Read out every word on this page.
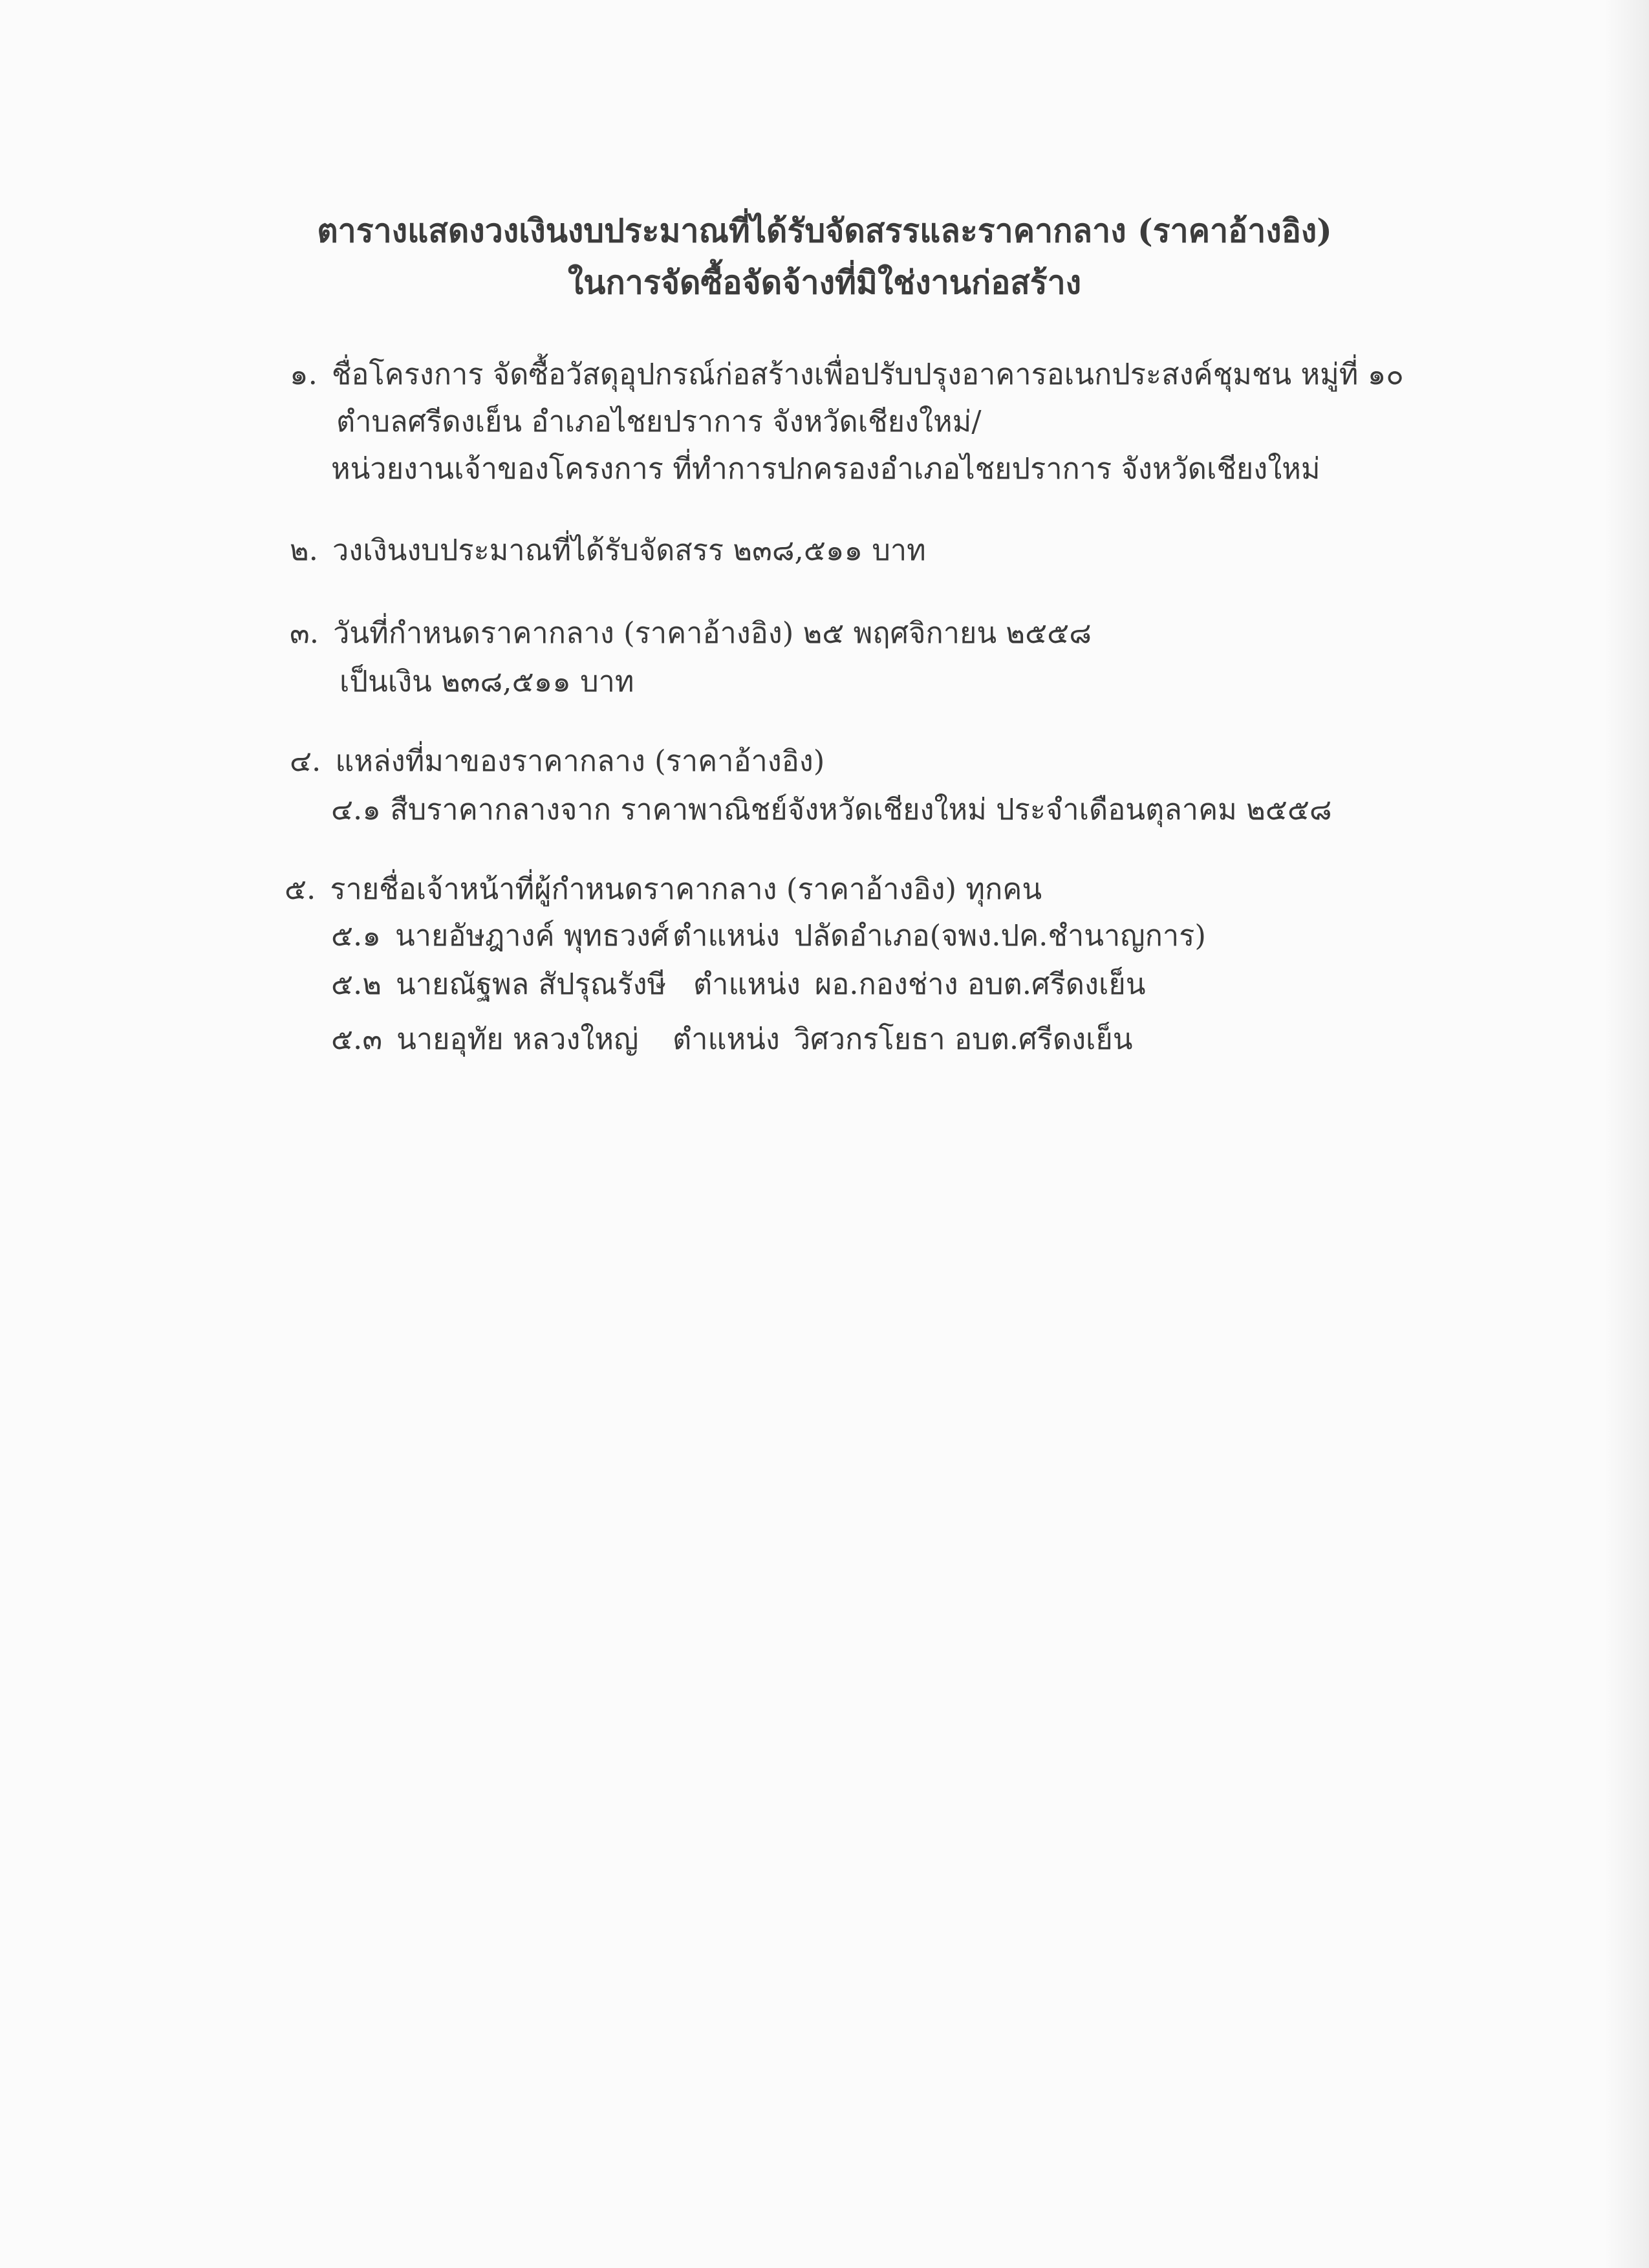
ตารางแสดงวงเงินงบประมาณที่ได้รับจัดสรรและราคากลาง (ราคาอ้างอิง)
ในการจัดซื้อจัดจ้างที่มิใช่งานก่อสร้าง
๑. ชื่อโครงการ จัดซื้อวัสดุอุปกรณ์ก่อสร้างเพื่อปรับปรุงอาคารอเนกประสงค์ชุมชน หมู่ที่ ๑๐
ตำบลศรีดงเย็น อำเภอไชยปราการ จังหวัดเชียงใหม่/
หน่วยงานเจ้าของโครงการ ที่ทำการปกครองอำเภอไชยปราการ จังหวัดเชียงใหม่
๒. วงเงินงบประมาณที่ได้รับจัดสรร ๒๓๘,๕๑๑ บาท
๓. วันที่กำหนดราคากลาง (ราคาอ้างอิง) ๒๕ พฤศจิกายน ๒๕๕๘
เป็นเงิน ๒๓๘,๕๑๑ บาท
๔. แหล่งที่มาของราคากลาง (ราคาอ้างอิง)
๔.๑ สืบราคากลางจาก ราคาพาณิชย์จังหวัดเชียงใหม่ ประจำเดือนตุลาคม ๒๕๕๘
๕. รายชื่อเจ้าหน้าที่ผู้กำหนดราคากลาง (ราคาอ้างอิง) ทุกคน
๕.๑ นายอัษฎางค์ พุทธวงศ์ ตำแหน่ง ปลัดอำเภอ(จพง.ปค.ชำนาญการ)
๕.๒ นายณัฐพล สัปรุณรังษี ตำแหน่ง ผอ.กองช่าง อบต.ศรีดงเย็น
๕.๓ นายอุทัย หลวงใหญ่ ตำแหน่ง วิศวกรโยธา อบต.ศรีดงเย็น
